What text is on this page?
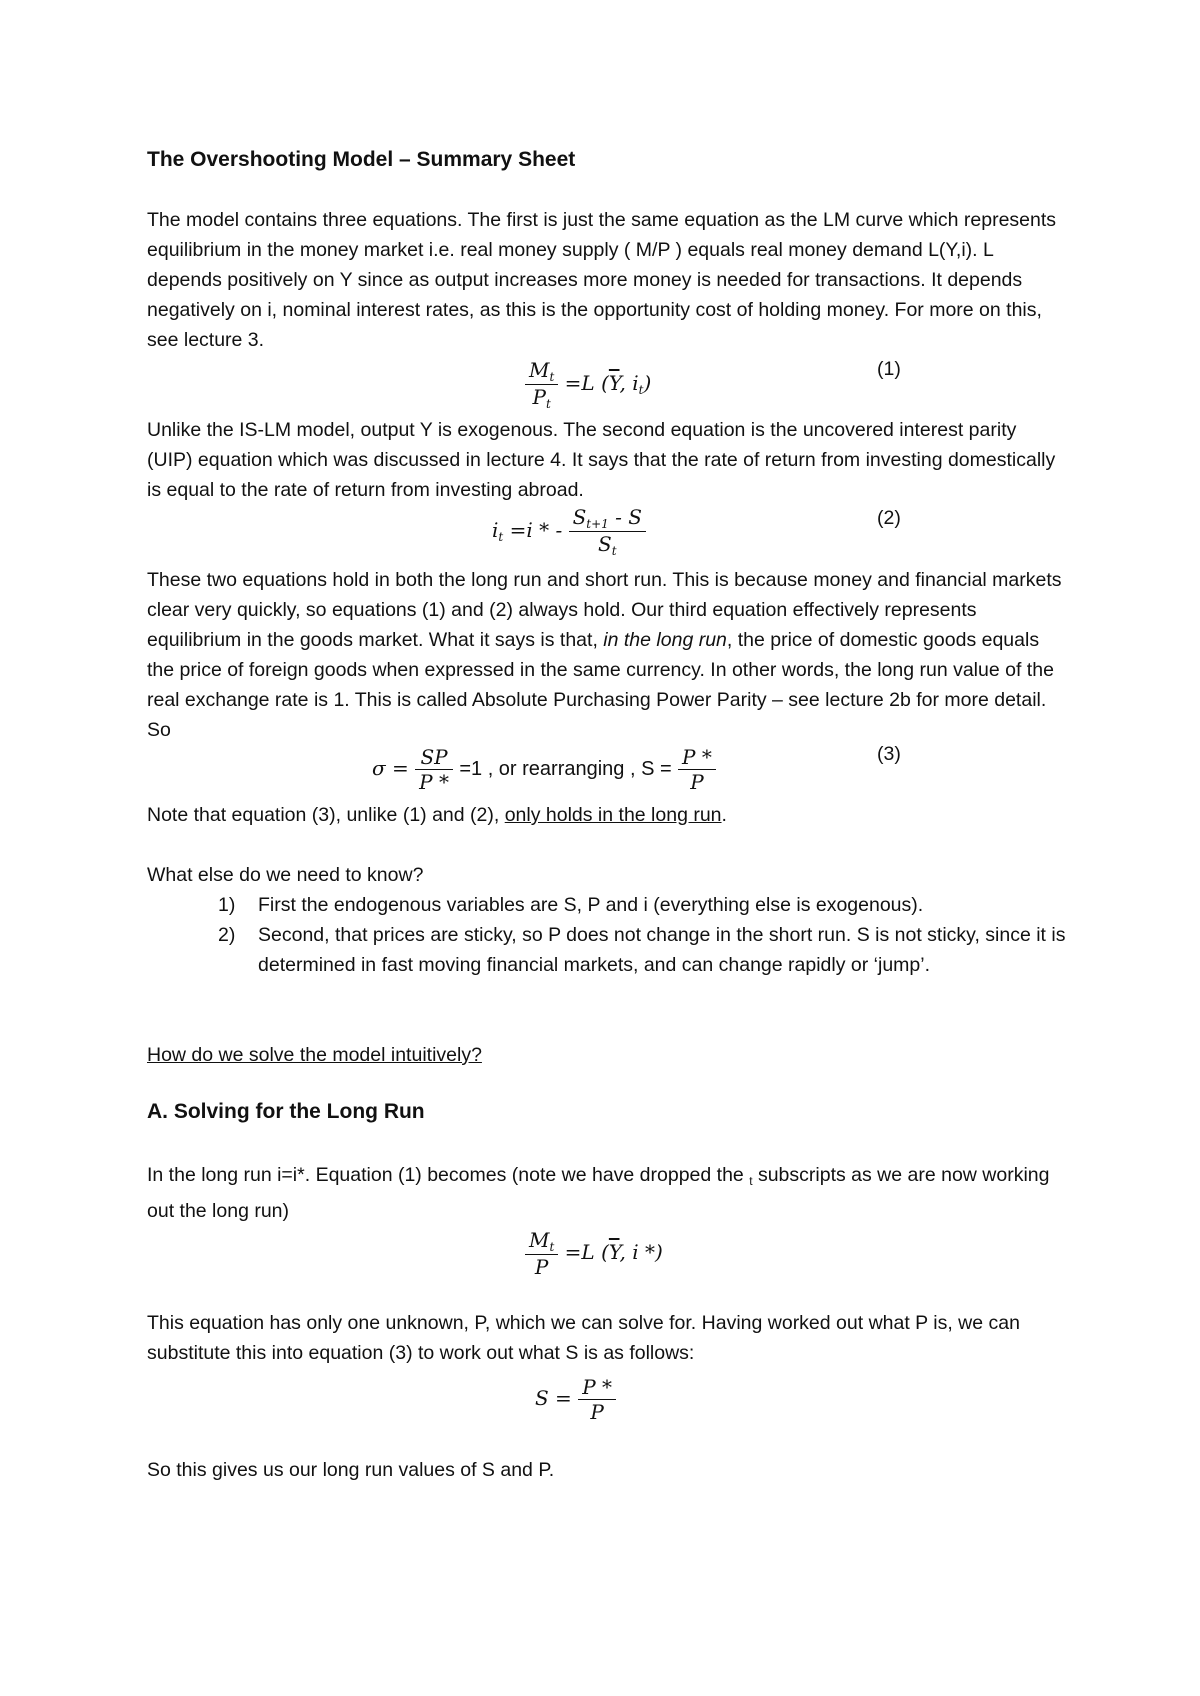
The Overshooting Model – Summary Sheet
The model contains three equations. The first is just the same equation as the LM curve which represents equilibrium in the money market i.e. real money supply ( M/P ) equals real money demand L(Y,i). L depends positively on Y since as output increases more money is needed for transactions. It depends negatively on i, nominal interest rates, as this is the opportunity cost of holding money. For more on this, see lecture 3.
$\frac{M_t}{P_t} =L$ ($\overline{Y}$, $i_t$)
(1)
Unlike the IS-LM model, output Y is exogenous. The second equation is the uncovered interest parity (UIP) equation which was discussed in lecture 4. It says that the rate of return from investing domestically is equal to the rate of return from investing abroad.
$i_t =i$ * - $\frac{S_{t+1} - S}{S_t}$	(2)
These two equations hold in both the long run and short run. This is because money and financial markets clear very quickly, so equations (1) and (2) always hold. Our third equation effectively represents equilibrium in the goods market. What it says is that, in the long run, the price of domestic goods equals the price of foreign goods when expressed in the same currency. In other words, the long run value of the real exchange rate is 1. This is called Absolute Purchasing Power Parity – see lecture 2b for more detail. So
$\sigma = \frac{SP}{P *} =1$ , or rearranging , $S = \frac{P *}{P}$	(3)
Note that equation (3), unlike (1) and (2), only holds in the long run.
What else do we need to know?
1) First the endogenous variables are S, P and i (everything else is exogenous).
2) Second, that prices are sticky, so P does not change in the short run. S is not sticky, since it is determined in fast moving financial markets, and can change rapidly or ‘jump’.
How do we solve the model intuitively?
A. Solving for the Long Run
In the long run i=i*. Equation (1) becomes (note we have dropped the $_t$ subscripts as we are now working out the long run)
$\frac{M_t}{P} =L$ ($\overline{Y}$, i *)
This equation has only one unknown, P, which we can solve for. Having worked out what P is, we can substitute this into equation (3) to work out what S is as follows:
$S = \frac{P *}{P}$
So this gives us our long run values of S and P.
